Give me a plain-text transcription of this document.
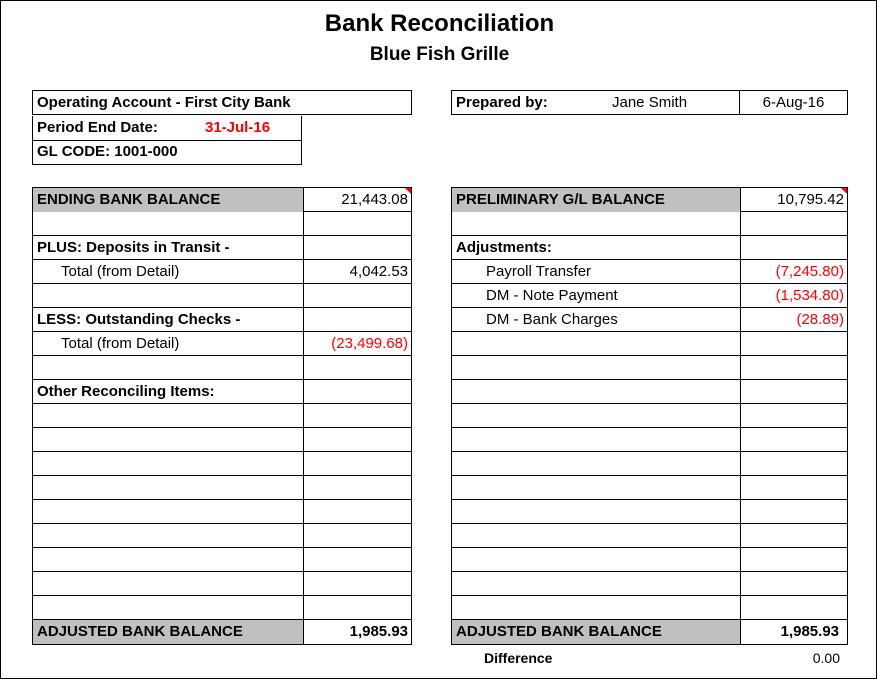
Bank Reconciliation
Blue Fish Grille
Operating Account - First City Bank
Period End Date:	31-Jul-16
GL CODE: 1001-000
Prepared by:	Jane Smith	6-Aug-16
ENDING BANK BALANCE	21,443.08
PLUS: Deposits in Transit -
Total (from Detail)	4,042.53
LESS: Outstanding Checks -
Total (from Detail)	(23,499.68)
Other Reconciling Items:
ADJUSTED BANK BALANCE	1,985.93
PRELIMINARY G/L BALANCE	10,795.42
Adjustments:
Payroll Transfer	(7,245.80)
DM - Note Payment	(1,534.80)
DM - Bank Charges	(28.89)
ADJUSTED BANK BALANCE	1,985.93
Difference	0.00
